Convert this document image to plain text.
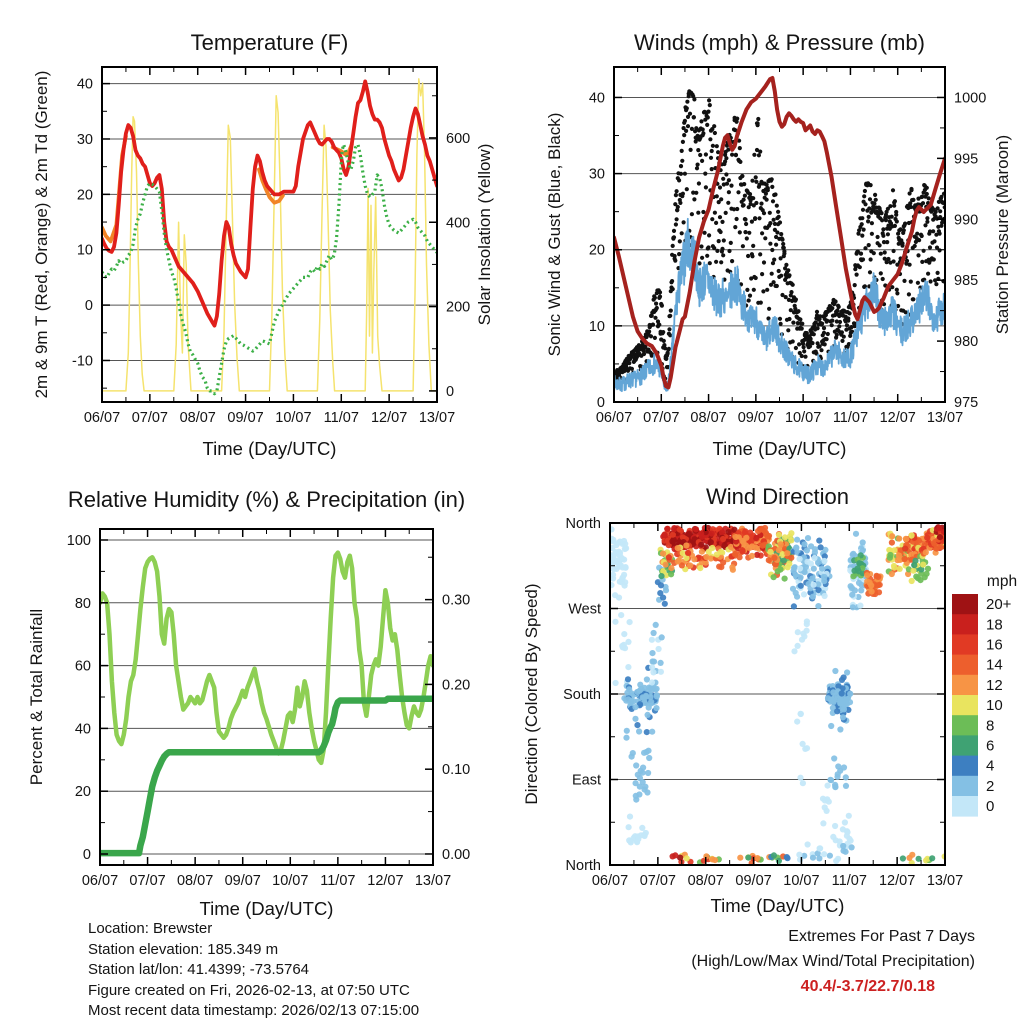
06/07 07/07 08/07 09/07 10/07 11/07 12/07 13/07
-10
0
10
20
30
40
0
200
400
600
Temperature (F)
Time (Day/UTC)
2m & 9m T (Red, Orange) & 2m Td (Green)	Solar Insolation (Yellow)
06/07 07/07 08/07 09/07 10/07 11/07 12/07 13/07
0
10
20
30
40
975
980
985
990
995
1000
Winds (mph) & Pressure (mb)
Time (Day/UTC)
Sonic Wind & Gust (Blue, Black)	Station Pressure (Maroon)
06/07 07/07 08/07 09/07 10/07 11/07 12/07 13/07
0
20
40
60
80
100
0.00
0.10
0.20
0.30
Relative Humidity (%) & Precipitation (in)
Time (Day/UTC)
Percent & Total Rainfall
06/07 07/07 08/07 09/07 10/07 11/07 12/07 13/07
North
West
South
East
North
Wind Direction
Time (Day/UTC)
Direction (Colored By Speed)
mph
20+
18
16
14
12
10
8
6
4
2
0
Location: Brewster
Station elevation: 185.349 m
Station lat/lon: 41.4399; -73.5764
Figure created on Fri, 2026-02-13, at 07:50 UTC
Most recent data timestamp: 2026/02/13 07:15:00
Extremes For Past 7 Days
(High/Low/Max Wind/Total Precipitation)
40.4/-3.7/22.7/0.18
